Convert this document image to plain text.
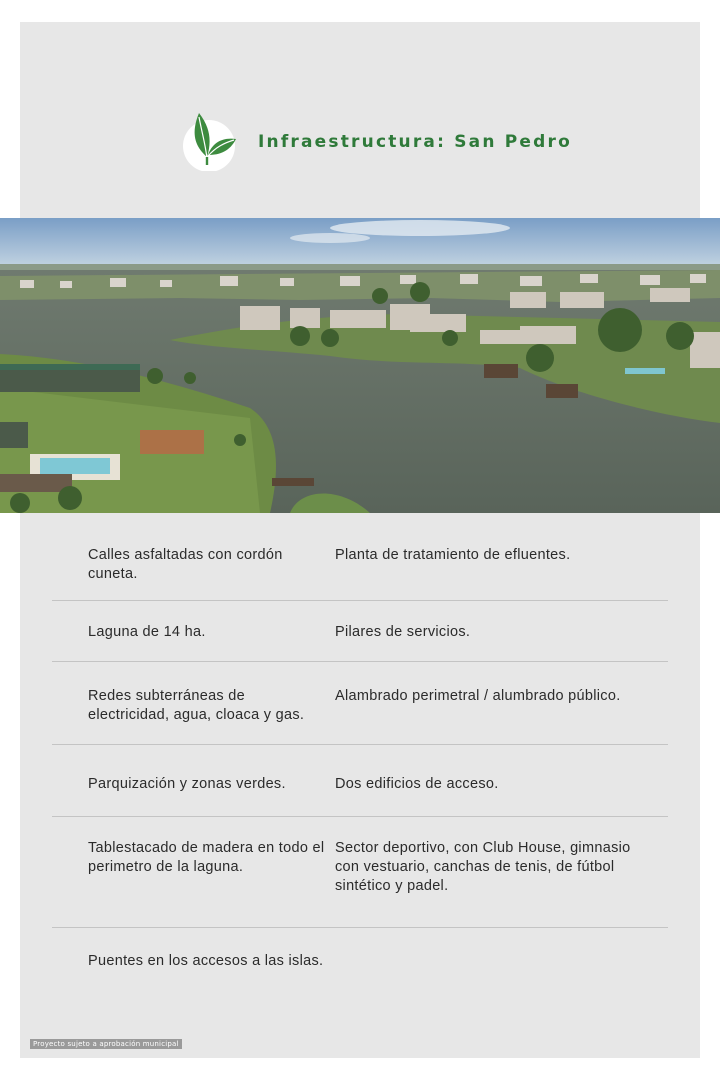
Infraestructura: San Pedro
Calles asfaltadas con cordón cuneta.
Planta de tratamiento de efluentes.
Laguna de 14 ha.	Pilares de servicios.
Redes subterráneas de electricidad, agua, cloaca y gas.
Alambrado perimetral / alumbrado público.
Parquización y zonas verdes.	Dos edificios de acceso.
Tablestacado de madera en todo el perimetro de la laguna.
Sector deportivo, con Club House, gimnasio con vestuario, canchas de tenis, de fútbol sintético y padel.
Puentes en los accesos a las islas.
Proyecto sujeto a aprobación municipal
